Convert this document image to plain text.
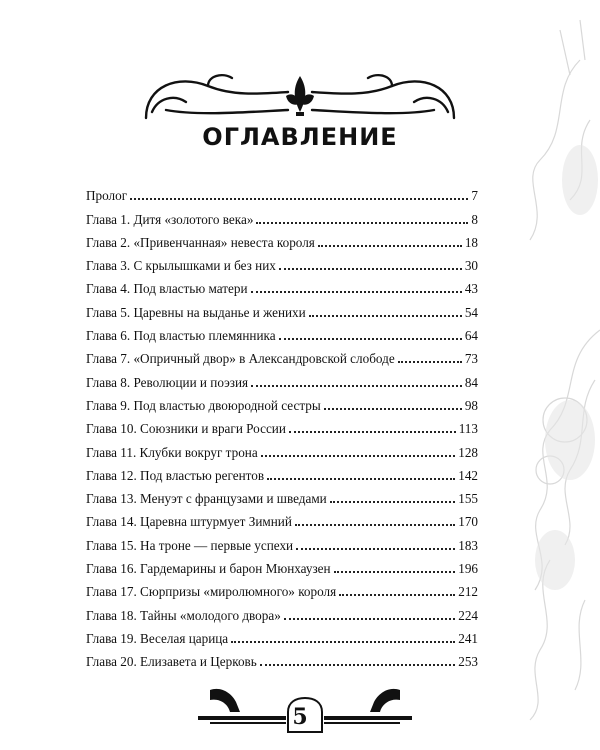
ОГЛАВЛЕНИЕ
Пролог	7
Глава 1. Дитя «золотого века»	8
Глава 2. «Привенчанная» невеста короля	18
Глава 3. С крылышками и без них	30
Глава 4. Под властью матери	43
Глава 5. Царевны на выданье и женихи	54
Глава 6. Под властью племянника	64
Глава 7. «Опричный двор» в Александровской слободе	73
Глава 8. Революции и поэзия	84
Глава 9. Под властью двоюродной сестры	98
Глава 10. Союзники и враги России	113
Глава 11. Клубки вокруг трона	128
Глава 12. Под властью регентов	142
Глава 13. Менуэт с французами и шведами	155
Глава 14. Царевна штурмует Зимний	170
Глава 15. На троне — первые успехи	183
Глава 16. Гардемарины и барон Мюнхаузен	196
Глава 17. Сюрпризы «миролюмного» короля	212
Глава 18. Тайны «молодого двора»	224
Глава 19. Веселая царица	241
Глава 20. Елизавета и Церковь	253
5
